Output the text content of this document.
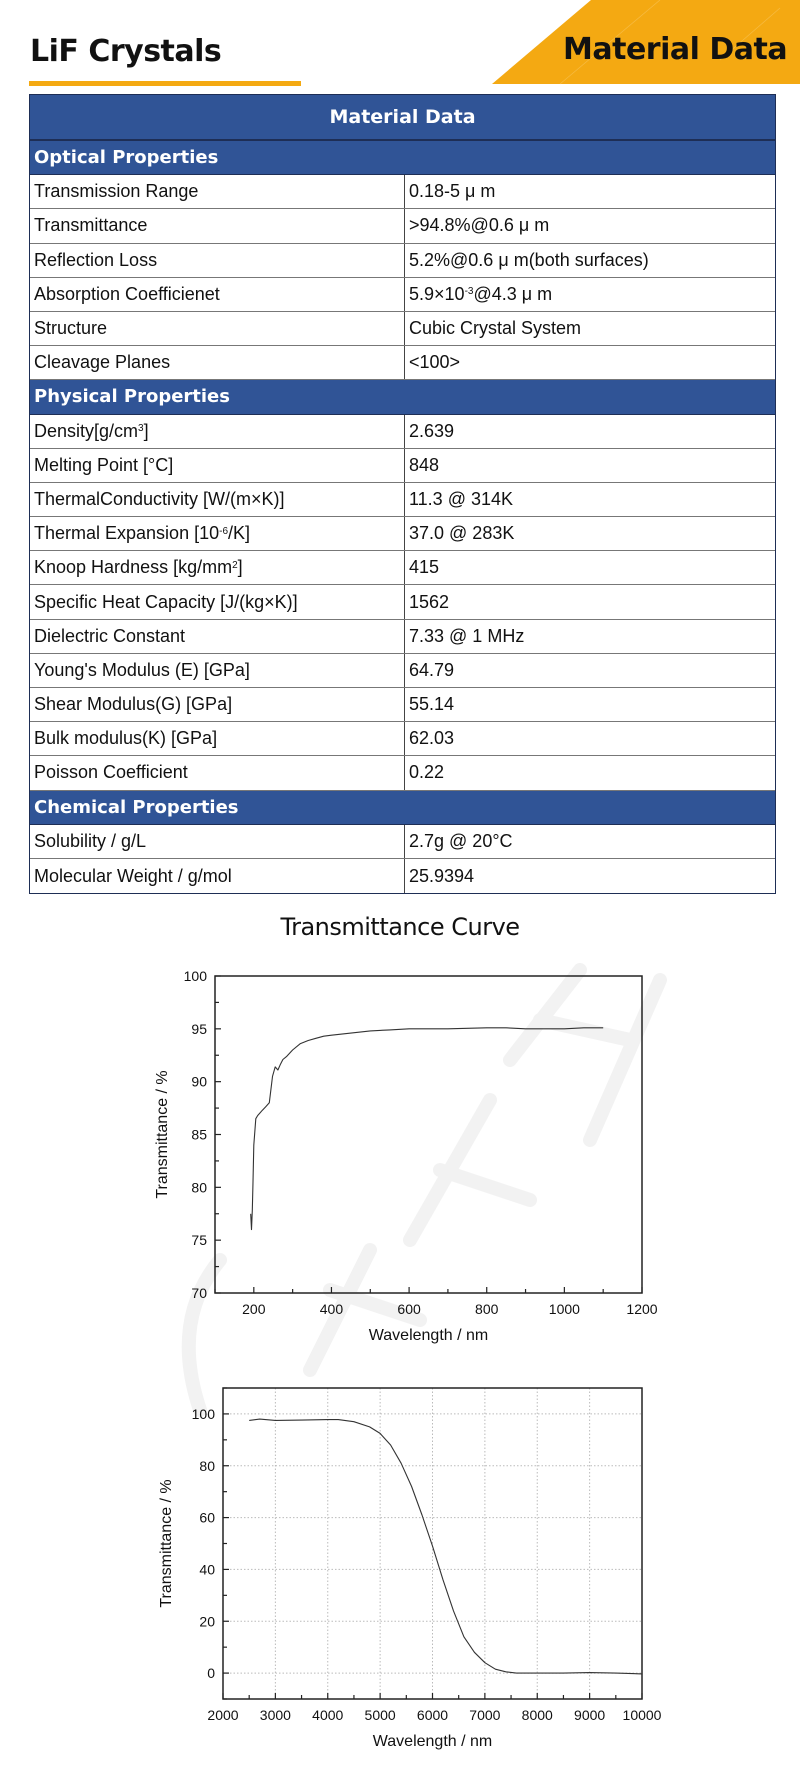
Material Data
LiF Crystals
Material Data
Optical Properties
Transmission Range	0.18-5 μ m
Transmittance	>94.8%@0.6 μ m
Reflection Loss	5.2%@0.6 μ m(both surfaces)
Absorption Coefficienet	$5.9\times 10^{-3}$ @4.3 μ m
Structure	Cubic Crystal System
Cleavage Planes	<100>
Physical Properties
$Density[g/cm^3$ ]	2.639
Melting Point [°C]	848
ThermalConductivity [W/(m×K)]	11.3 @ 314K
Thermal Expansion [$10^{-6}$ /K]	37.0 @ 283K
Knoop Hardness [$kg/mm^2$ ]	415
Specific Heat Capacity [J/(kg×K)]	1562
Dielectric Constant	7.33 @ 1 MHz
Young's Modulus (E) [GPa]	64.79
Shear Modulus(G) [GPa]	55.14
Bulk modulus(K) [GPa]	62.03
Poisson Coefficient	0.22
Chemical Properties
Solubility / g/L	2.7g @ 20°C
Molecular Weight / g/mol	25.9394
Transmittance Curve
200	400	600	800	1000	1200
70
75
80
85
90
95
100
Wavelength / nm
Transmittance / %
2000 3000 4000 5000 6000 7000 8000 9000 10000
0
20
40
60
80
100
Wavelength / nm
Transmittance / %
